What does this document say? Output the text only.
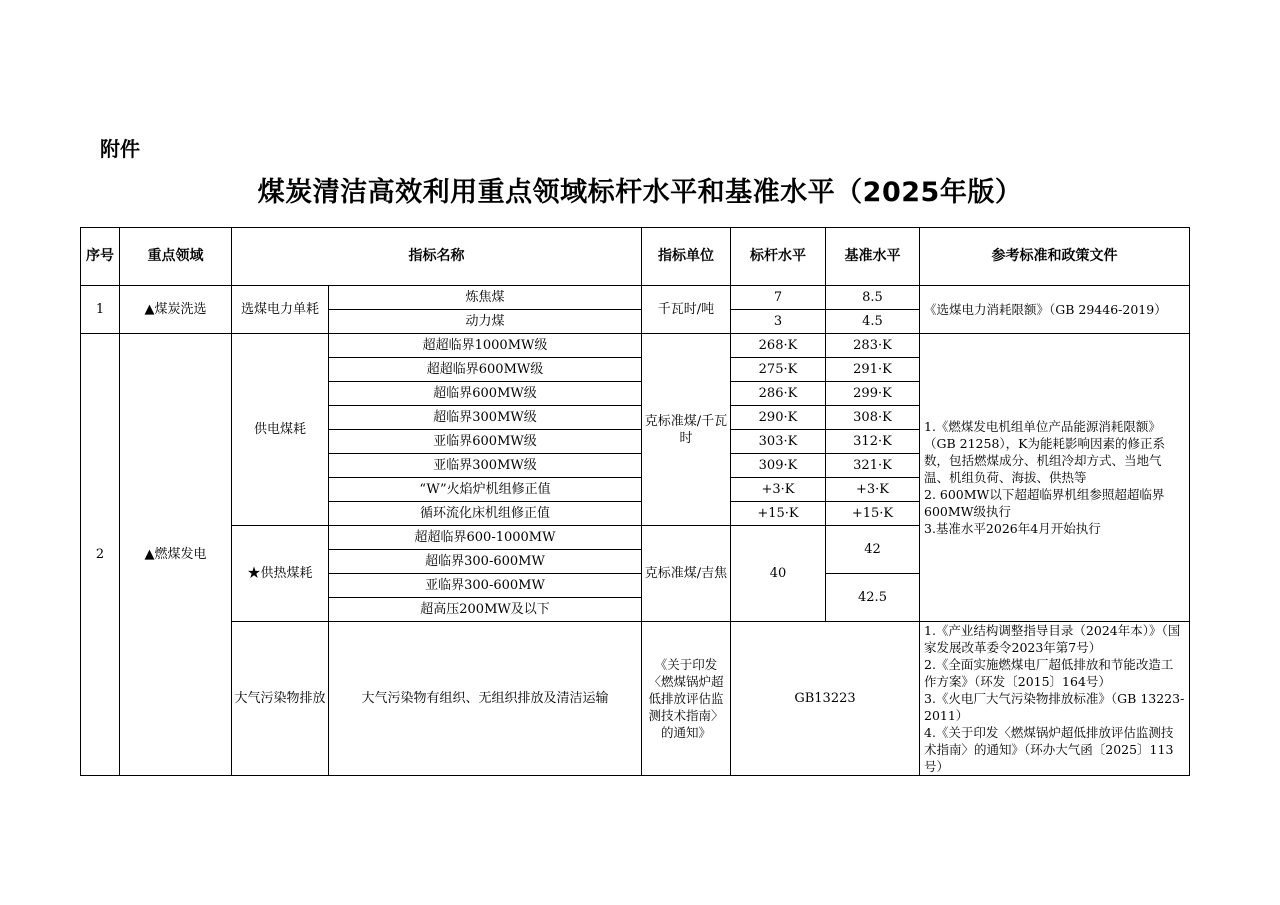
附件
煤炭清洁高效利用重点领域标杆水平和基准水平（2025年版）
序号	重点领域	指标名称		指标单位	标杆水平	基准水平	参考标准和政策文件
1	▲煤炭洗选	选煤电力单耗	炼焦煤	千瓦时/吨	7	8.5	《选煤电力消耗限额》（GB 29446-2019）
			动力煤		3	4.5	
2	▲燃煤发电	供电煤耗	超超临界1000MW级	克标准煤/千瓦时	268·K	283·K	1.《燃煤发电机组单位产品能源消耗限额》（GB 21258），K为能耗影响因素的修正系数，包括燃煤成分、机组冷却方式、当地气温、机组负荷、海拔、供热等
2. 600MW以下超超临界机组参照超超临界600MW级执行
3.基准水平2026年4月开始执行
			超超临界600MW级		275·K	291·K	
			超临界600MW级		286·K	299·K	
			超临界300MW级		290·K	308·K	
			亚临界600MW级		303·K	312·K	
			亚临界300MW级		309·K	321·K	
			“W”火焰炉机组修正值		+3·K	+3·K	
			循环流化床机组修正值		+15·K	+15·K	
		★供热煤耗	超超临界600-1000MW	克标准煤/吉焦	40	42	
			超临界300-600MW				
			亚临界300-600MW			42.5	
			超高压200MW及以下				
		大气污染物排放	大气污染物有组织、无组织排放及清洁运输	《关于印发〈燃煤锅炉超低排放评估监测技术指南〉的通知》	GB13223		1.《产业结构调整指导目录（2024年本）》（国家发展改革委令2023年第7号）
2.《全面实施燃煤电厂超低排放和节能改造工作方案》（环发〔2015〕164号）
3.《火电厂大气污染物排放标准》（GB 13223-2011）
4.《关于印发〈燃煤锅炉超低排放评估监测技术指南〉的通知》（环办大气函〔2025〕113号）
